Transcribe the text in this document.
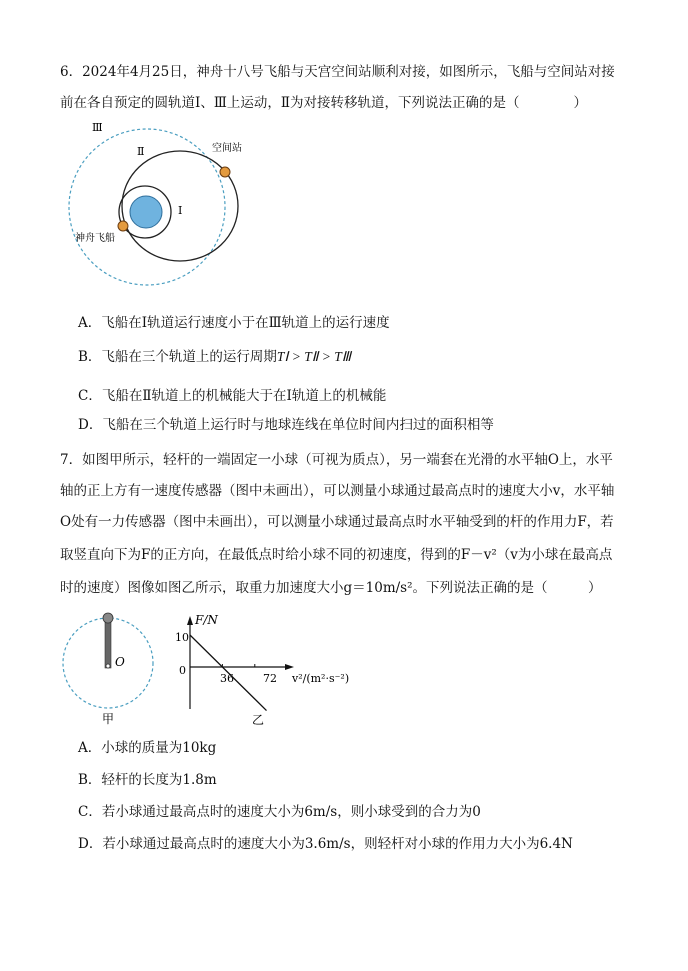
6．2024年4月25日，神舟十八号飞船与天宫空间站顺利对接，如图所示，飞船与空间站对接
前在各自预定的圆轨道Ⅰ、Ⅲ上运动，Ⅱ为对接转移轨道，下列说法正确的是（　　　　）
Ⅲ
Ⅱ
Ⅰ
空间站
神舟飞船
A．飞船在Ⅰ轨道运行速度小于在Ⅲ轨道上的运行速度
B．飞船在三个轨道上的运行周期TⅠ > TⅡ > TⅢ
C．飞船在Ⅱ轨道上的机械能大于在Ⅰ轨道上的机械能
D．飞船在三个轨道上运行时与地球连线在单位时间内扫过的面积相等
7．如图甲所示，轻杆的一端固定一小球（可视为质点），另一端套在光滑的水平轴O上，水平
轴的正上方有一速度传感器（图中未画出），可以测量小球通过最高点时的速度大小v，水平轴
O处有一力传感器（图中未画出），可以测量小球通过最高点时水平轴受到的杆的作用力F，若
取竖直向下为F的正方向，在最低点时给小球不同的初速度，得到的F－v²（v为小球在最高点
时的速度）图像如图乙所示，取重力加速度大小g＝10m/s²。下列说法正确的是（　　　）
O
甲
F/N
v²/(m²·s⁻²)
10
0
36	72
乙
A．小球的质量为10kg
B．轻杆的长度为1.8m
C．若小球通过最高点时的速度大小为6m/s，则小球受到的合力为0
D．若小球通过最高点时的速度大小为3.6m/s，则轻杆对小球的作用力大小为6.4N
